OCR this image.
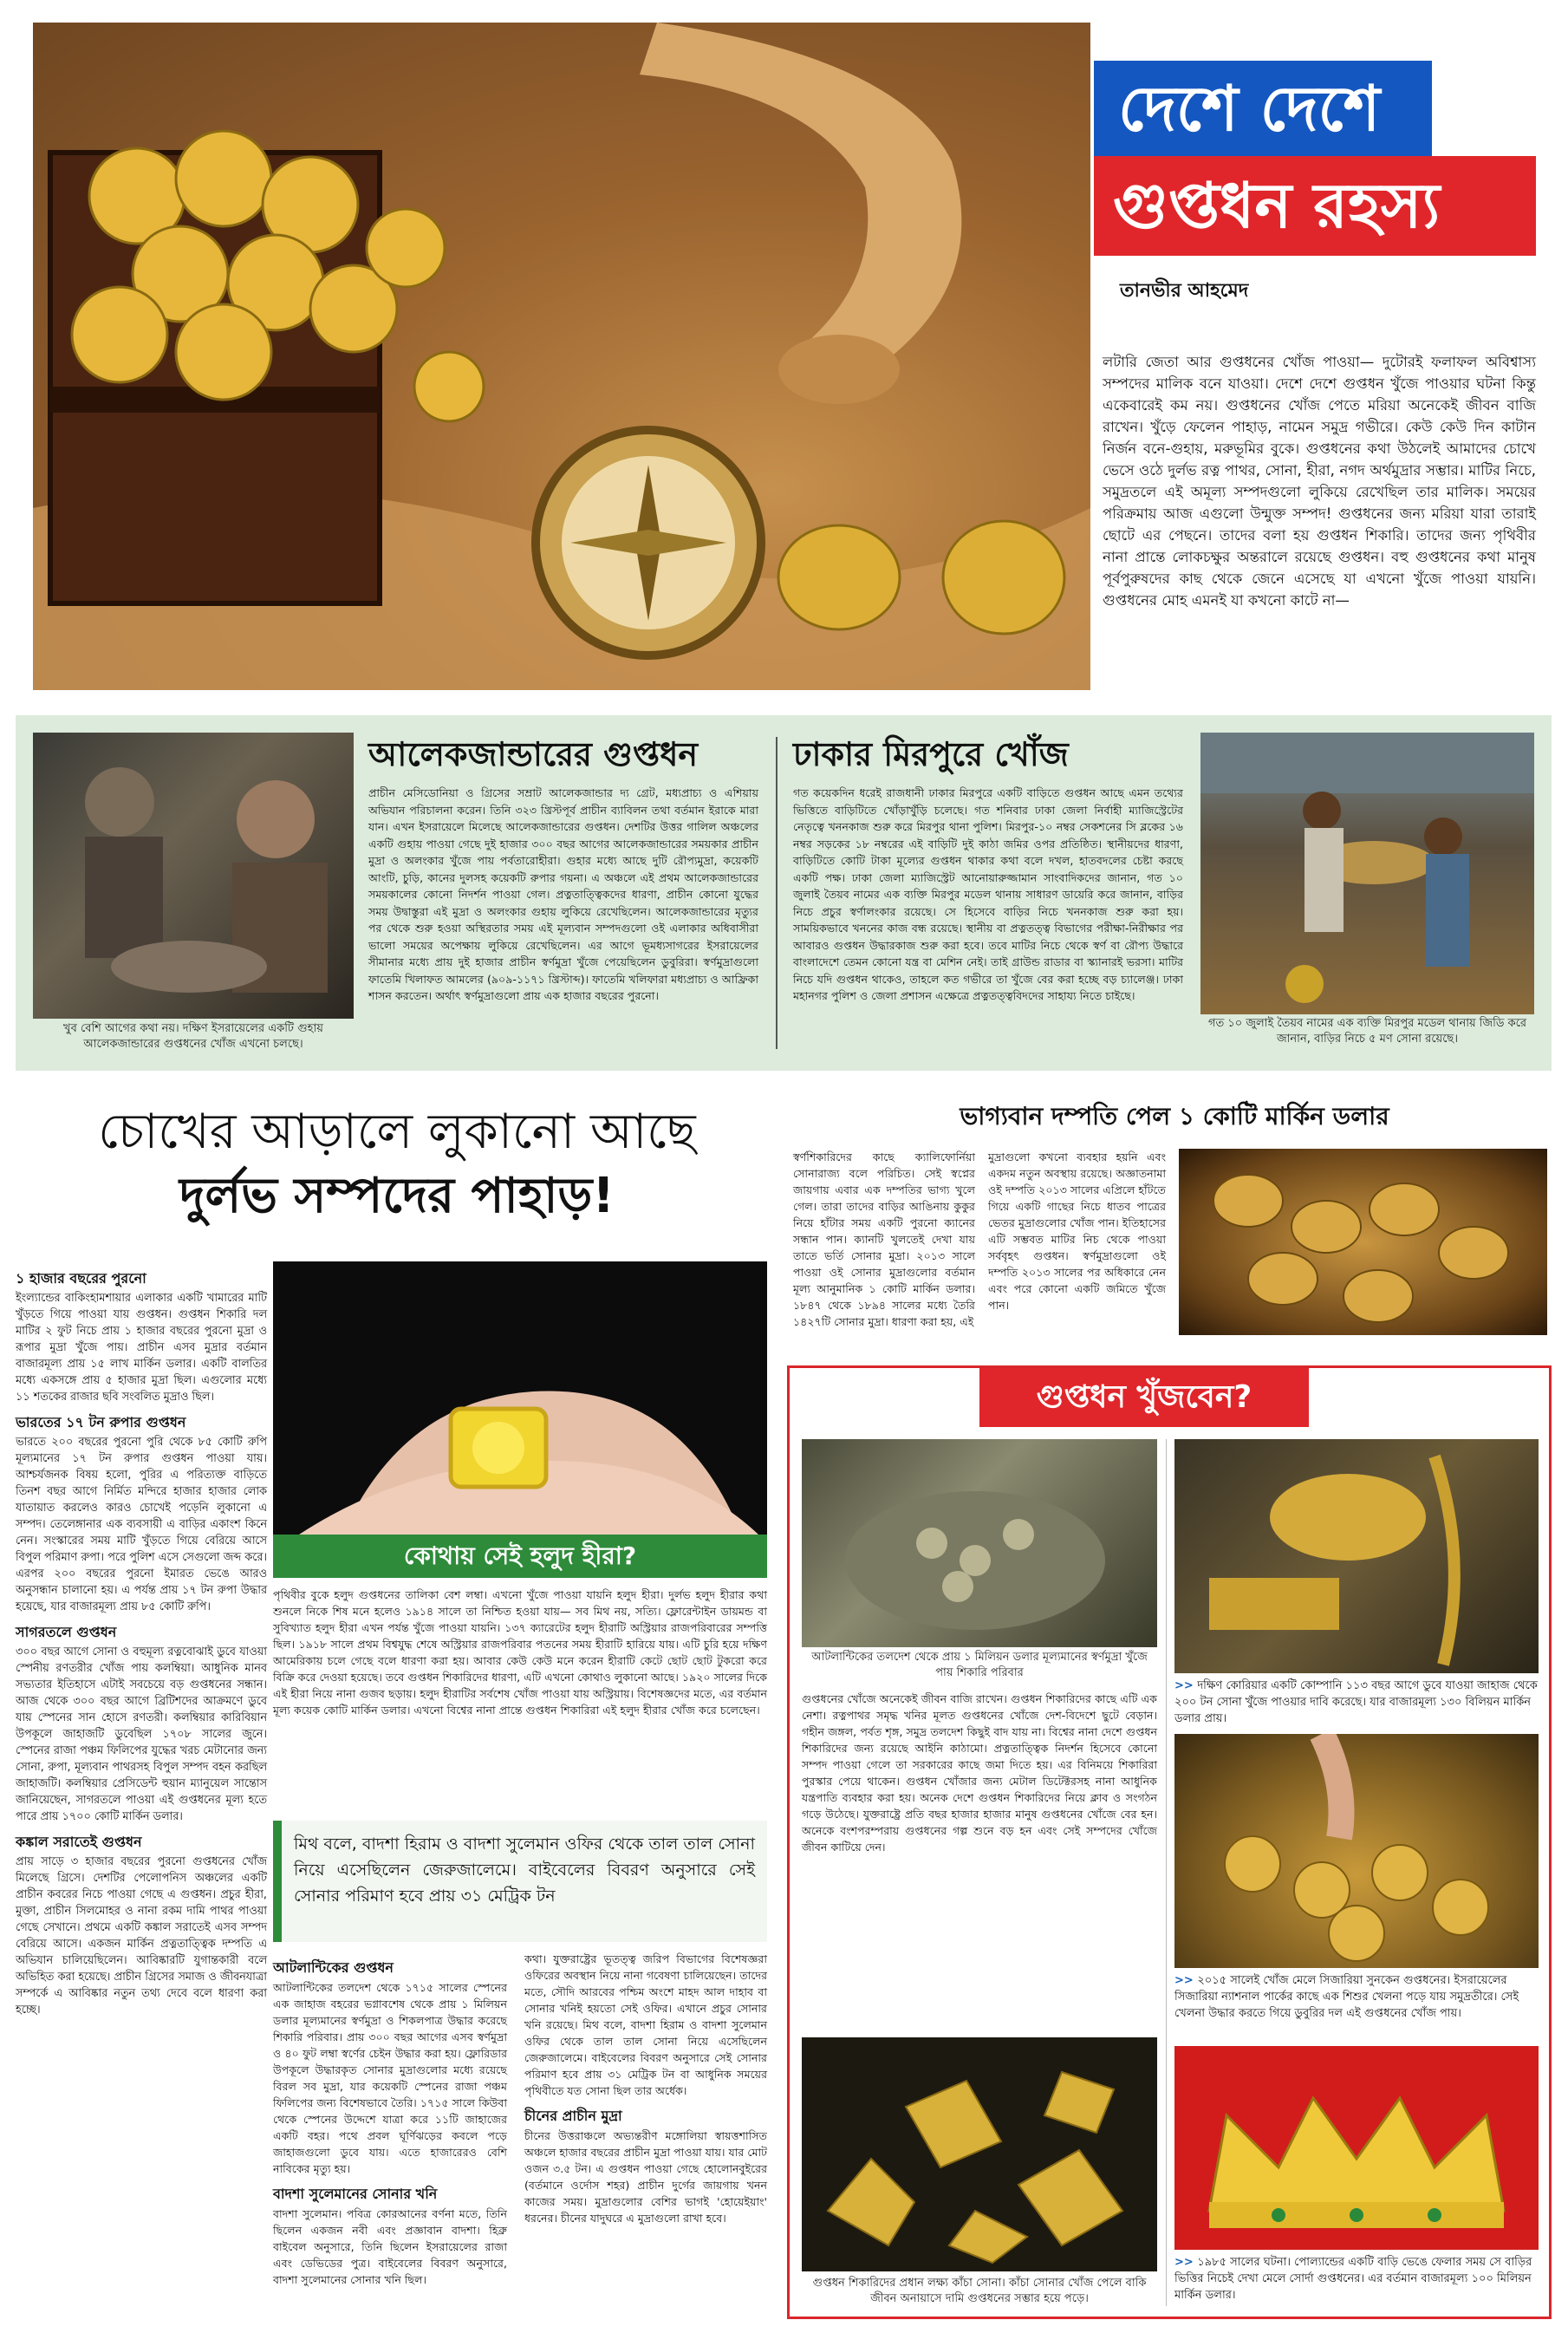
দেশে দেশে
গুপ্তধন রহস্য
তানভীর আহমেদ
লটারি জেতা আর গুপ্তধনের খোঁজ পাওয়া— দুটোরই ফলাফল অবিশ্বাস্য সম্পদের মালিক বনে যাওয়া। দেশে দেশে গুপ্তধন খুঁজে পাওয়ার ঘটনা কিন্তু একেবারেই কম নয়। গুপ্তধনের খোঁজ পেতে মরিয়া অনেকেই জীবন বাজি রাখেন। খুঁড়ে ফেলেন পাহাড়, নামেন সমুদ্র গভীরে। কেউ কেউ দিন কাটান নির্জন বনে-গুহায়, মরুভূমির বুকে। গুপ্তধনের কথা উঠলেই আমাদের চোখে ভেসে ওঠে দুর্লভ রত্ন পাথর, সোনা, হীরা, নগদ অর্থমুদ্রার সম্ভার। মাটির নিচে, সমুদ্রতলে এই অমূল্য সম্পদগুলো লুকিয়ে রেখেছিল তার মালিক। সময়ের পরিক্রমায় আজ এগুলো উন্মুক্ত সম্পদ! গুপ্তধনের জন্য মরিয়া যারা তারাই ছোটে এর পেছনে। তাদের বলা হয় গুপ্তধন শিকারি। তাদের জন্য পৃথিবীর নানা প্রান্তে লোকচক্ষুর অন্তরালে রয়েছে গুপ্তধন। বহু গুপ্তধনের কথা মানুষ পূর্বপুরুষদের কাছ থেকে জেনে এসেছে যা এখনো খুঁজে পাওয়া যায়নি। গুপ্তধনের মোহ এমনই যা কখনো কাটে না—
খুব বেশি আগের কথা নয়। দক্ষিণ ইসরায়েলের একটি গুহায় আলেকজান্ডারের গুপ্তধনের খোঁজ এখনো চলছে।
আলেকজান্ডারের গুপ্তধন
প্রাচীন মেসিডোনিয়া ও গ্রিসের সম্রাট আলেকজান্ডার দ্য গ্রেট, মধ্যপ্রাচ্য ও এশিয়ায় অভিযান পরিচালনা করেন। তিনি ৩২৩ খ্রিস্টপূর্ব প্রাচীন ব্যাবিলন তথা বর্তমান ইরাকে মারা যান। এখন ইসরায়েলে মিলেছে আলেকজান্ডারের গুপ্তধন। দেশটির উত্তর গালিল অঞ্চলের একটি গুহায় পাওয়া গেছে দুই হাজার ৩০০ বছর আগের আলেকজান্ডারের সময়কার প্রাচীন মুদ্রা ও অলংকার খুঁজে পায় পর্বতারোহীরা। গুহার মধ্যে আছে দুটি রৌপ্যমুদ্রা, কয়েকটি আংটি, চুড়ি, কানের দুলসহ কয়েকটি রুপার গয়না। এ অঞ্চলে এই প্রথম আলেকজান্ডারের সময়কালের কোনো নিদর্শন পাওয়া গেল। প্রত্নতাত্ত্বিকদের ধারণা, প্রাচীন কোনো যুদ্ধের সময় উদ্বাস্তুরা এই মুদ্রা ও অলংকার গুহায় লুকিয়ে রেখেছিলেন। আলেকজান্ডারের মৃত্যুর পর থেকে শুরু হওয়া অস্থিরতার সময় এই মূল্যবান সম্পদগুলো ওই এলাকার অধিবাসীরা ভালো সময়ের অপেক্ষায় লুকিয়ে রেখেছিলেন। এর আগে ভূমধ্যসাগরের ইসরায়েলের সীমানার মধ্যে প্রায় দুই হাজার প্রাচীন স্বর্ণমুদ্রা খুঁজে পেয়েছিলেন ডুবুরিরা। স্বর্ণমুদ্রাগুলো ফাতেমি খিলাফত আমলের (৯০৯-১১৭১ খ্রিস্টাব্দ)। ফাতেমি খলিফারা মধ্যপ্রাচ্য ও আফ্রিকা শাসন করতেন। অর্থাৎ স্বর্ণমুদ্রাগুলো প্রায় এক হাজার বছরের পুরনো।
ঢাকার মিরপুরে খোঁজ
গত কয়েকদিন ধরেই রাজধানী ঢাকার মিরপুরে একটি বাড়িতে গুপ্তধন আছে এমন তথ্যের ভিত্তিতে বাড়িটিতে খোঁড়াখুঁড়ি চলেছে। গত শনিবার ঢাকা জেলা নির্বাহী ম্যাজিস্ট্রেটের নেতৃত্বে খননকাজ শুরু করে মিরপুর থানা পুলিশ। মিরপুর-১০ নম্বর সেকশনের সি ব্লকের ১৬ নম্বর সড়কের ১৮ নম্বরের এই বাড়িটি দুই কাঠা জমির ওপর প্রতিষ্ঠিত। স্থানীয়দের ধারণা, বাড়িটিতে কোটি টাকা মূল্যের গুপ্তধন থাকার কথা বলে দখল, হাতবদলের চেষ্টা করছে একটি পক্ষ। ঢাকা জেলা ম্যাজিস্ট্রেট আনোয়ারুজ্জামান সাংবাদিকদের জানান, গত ১০ জুলাই তৈয়ব নামের এক ব্যক্তি মিরপুর মডেল থানায় সাধারণ ডায়েরি করে জানান, বাড়ির নিচে প্রচুর স্বর্ণালংকার রয়েছে। সে হিসেবে বাড়ির নিচে খননকাজ শুরু করা হয়। সাময়িকভাবে খননের কাজ বন্ধ রয়েছে। স্থানীয় বা প্রত্নতত্ত্ব বিভাগের পরীক্ষা-নিরীক্ষার পর আবারও গুপ্তধন উদ্ধারকাজ শুরু করা হবে। তবে মাটির নিচে থেকে স্বর্ণ বা রৌপ্য উদ্ধারে বাংলাদেশে তেমন কোনো যন্ত্র বা মেশিন নেই। তাই গ্রাউন্ড রাডার বা স্ক্যানারই ভরসা। মাটির নিচে যদি গুপ্তধন থাকেও, তাহলে কত গভীরে তা খুঁজে বের করা হচ্ছে বড় চ্যালেঞ্জ। ঢাকা মহানগর পুলিশ ও জেলা প্রশাসন এক্ষেত্রে প্রত্নতত্ত্ববিদদের সাহায্য নিতে চাইছে।
গত ১০ জুলাই তৈয়ব নামের এক ব্যক্তি মিরপুর মডেল থানায় জিডি করে জানান, বাড়ির নিচে ৫ মণ সোনা রয়েছে।
চোখের আড়ালে লুকানো আছে
দুর্লভ সম্পদের পাহাড়!
১ হাজার বছরের পুরনো
ইংল্যান্ডের বাকিংহামশায়ার এলাকার একটি খামারের মাটি খুঁড়তে গিয়ে পাওয়া যায় গুপ্তধন। গুপ্তধন শিকারি দল মাটির ২ ফুট নিচে প্রায় ১ হাজার বছরের পুরনো মুদ্রা ও রূপার মুদ্রা খুঁজে পায়। প্রাচীন এসব মুদ্রার বর্তমান বাজারমূল্য প্রায় ১৫ লাখ মার্কিন ডলার। একটি বালতির মধ্যে একসঙ্গে প্রায় ৫ হাজার মুদ্রা ছিল। এগুলোর মধ্যে ১১ শতকের রাজার ছবি সংবলিত মুদ্রাও ছিল।
ভারতের ১৭ টন রুপার গুপ্তধন
ভারতে ২০০ বছরের পুরনো পুরি থেকে ৮৫ কোটি রুপি মূল্যমানের ১৭ টন রুপার গুপ্তধন পাওয়া যায়। আশ্চর্যজনক বিষয় হলো, পুরির এ পরিত্যক্ত বাড়িতে তিনশ বছর আগে নির্মিত মন্দিরে হাজার হাজার লোক যাতায়াত করলেও কারও চোখেই পড়েনি লুকানো এ সম্পদ। তেলেঙ্গানার এক ব্যবসায়ী এ বাড়ির একাংশ কিনে নেন। সংস্কারের সময় মাটি খুঁড়তে গিয়ে বেরিয়ে আসে বিপুল পরিমাণ রুপা। পরে পুলিশ এসে সেগুলো জব্দ করে। এরপর ২০০ বছরের পুরনো ইমারত ভেঙে আরও অনুসন্ধান চালানো হয়। এ পর্যন্ত প্রায় ১৭ টন রুপা উদ্ধার হয়েছে, যার বাজারমূল্য প্রায় ৮৫ কোটি রুপি।
সাগরতলে গুপ্তধন
৩০০ বছর আগে সোনা ও বহুমূল্য রত্নবোঝাই ডুবে যাওয়া স্পেনীয় রণতরীর খোঁজ পায় কলম্বিয়া। আধুনিক মানব সভ্যতার ইতিহাসে এটাই সবচেয়ে বড় গুপ্তধনের সন্ধান। আজ থেকে ৩০০ বছর আগে ব্রিটিশদের আক্রমণে ডুবে যায় স্পেনের সান হোসে রণতরী। কলম্বিয়ার কারিবিয়ান উপকূলে জাহাজটি ডুবেছিল ১৭০৮ সালের জুনে। স্পেনের রাজা পঞ্চম ফিলিপের যুদ্ধের খরচ মেটানোর জন্য সোনা, রুপা, মূল্যবান পাথরসহ বিপুল সম্পদ বহন করছিল জাহাজটি। কলম্বিয়ার প্রেসিডেন্ট হুয়ান ম্যানুয়েল সান্তোস জানিয়েছেন, সাগরতলে পাওয়া এই গুপ্তধনের মূল্য হতে পারে প্রায় ১৭০০ কোটি মার্কিন ডলার।
কঙ্কাল সরাতেই গুপ্তধন
প্রায় সাড়ে ৩ হাজার বছরের পুরনো গুপ্তধনের খোঁজ মিলেছে গ্রিসে। দেশটির পেলোপনিস অঞ্চলের একটি প্রাচীন কবরের নিচে পাওয়া গেছে এ গুপ্তধন। প্রচুর হীরা, মুক্তা, প্রাচীন সিলমোহর ও নানা রকম দামি পাথর পাওয়া গেছে সেখানে। প্রথমে একটি কঙ্কাল সরাতেই এসব সম্পদ বেরিয়ে আসে। একজন মার্কিন প্রত্নতাত্ত্বিক দম্পতি এ অভিযান চালিয়েছিলেন। আবিষ্কারটি যুগান্তকারী বলে অভিহিত করা হয়েছে। প্রাচীন গ্রিসের সমাজ ও জীবনযাত্রা সম্পর্কে এ আবিষ্কার নতুন তথ্য দেবে বলে ধারণা করা হচ্ছে।
কোথায় সেই হলুদ হীরা?
পৃথিবীর বুকে হলুদ গুপ্তধনের তালিকা বেশ লম্বা। এখনো খুঁজে পাওয়া যায়নি হলুদ হীরা। দুর্লভ হলুদ হীরার কথা শুনলে নিকে শিষ মনে হলেও ১৯১৪ সালে তা নিশ্চিত হওয়া যায়— সব মিথ নয়, সত্যি। ফ্লোরেন্টাইন ডায়মন্ড বা সুবিখ্যাত হলুদ হীরা এখন পর্যন্ত খুঁজে পাওয়া যায়নি। ১৩৭ ক্যারেটের হলুদ হীরাটি অস্ট্রিয়ার রাজপরিবারের সম্পত্তি ছিল। ১৯১৮ সালে প্রথম বিশ্বযুদ্ধ শেষে অস্ট্রিয়ার রাজপরিবার পতনের সময় হীরাটি হারিয়ে যায়। এটি চুরি হয়ে দক্ষিণ আমেরিকায় চলে গেছে বলে ধারণা করা হয়। আবার কেউ কেউ মনে করেন হীরাটি কেটে ছোট ছোট টুকরো করে বিক্রি করে দেওয়া হয়েছে। তবে গুপ্তধন শিকারিদের ধারণা, এটি এখনো কোথাও লুকানো আছে। ১৯২০ সালের দিকে এই হীরা নিয়ে নানা গুজব ছড়ায়। হলুদ হীরাটির সর্বশেষ খোঁজ পাওয়া যায় অস্ট্রিয়ায়। বিশেষজ্ঞদের মতে, এর বর্তমান মূল্য কয়েক কোটি মার্কিন ডলার। এখনো বিশ্বের নানা প্রান্তে গুপ্তধন শিকারিরা এই হলুদ হীরার খোঁজ করে চলেছেন।
মিথ বলে, বাদশা হিরাম ও বাদশা সুলেমান ওফির থেকে তাল তাল সোনা নিয়ে এসেছিলেন জেরুজালেমে। বাইবেলের বিবরণ অনুসারে সেই সোনার পরিমাণ হবে প্রায় ৩১ মেট্রিক টন
আটলান্টিকের গুপ্তধন
আটলান্টিকের তলদেশ থেকে ১৭১৫ সালের স্পেনের এক জাহাজ বহরের ভগ্নাবশেষ থেকে প্রায় ১ মিলিয়ন ডলার মূল্যমানের স্বর্ণমুদ্রা ও শিকলপাত্র উদ্ধার করেছে শিকারি পরিবার। প্রায় ৩০০ বছর আগের এসব স্বর্ণমুদ্রা ও ৪০ ফুট লম্বা স্বর্ণের চেইন উদ্ধার করা হয়। ফ্লোরিডার উপকূলে উদ্ধারকৃত সোনার মুদ্রাগুলোর মধ্যে রয়েছে বিরল সব মুদ্রা, যার কয়েকটি স্পেনের রাজা পঞ্চম ফিলিপের জন্য বিশেষভাবে তৈরি। ১৭১৫ সালে কিউবা থেকে স্পেনের উদ্দেশে যাত্রা করে ১১টি জাহাজের একটি বহর। পথে প্রবল ঘূর্ণিঝড়ের কবলে পড়ে জাহাজগুলো ডুবে যায়। এতে হাজারেরও বেশি নাবিকের মৃত্যু হয়।
বাদশা সুলেমানের সোনার খনি
বাদশা সুলেমান। পবিত্র কোরআনের বর্ণনা মতে, তিনি ছিলেন একজন নবী এবং প্রজ্ঞাবান বাদশা। হিব্রু বাইবেল অনুসারে, তিনি ছিলেন ইসরায়েলের রাজা এবং ডেভিডের পুত্র। বাইবেলের বিবরণ অনুসারে, বাদশা সুলেমানের সোনার খনি ছিল।
কথা। যুক্তরাষ্ট্রের ভূতত্ত্ব জরিপ বিভাগের বিশেষজ্ঞরা ওফিরের অবস্থান নিয়ে নানা গবেষণা চালিয়েছেন। তাদের মতে, সৌদি আরবের পশ্চিম অংশে মাহদ আল দাহাব বা সোনার খনিই হয়তো সেই ওফির। এখানে প্রচুর সোনার খনি রয়েছে। মিথ বলে, বাদশা হিরাম ও বাদশা সুলেমান ওফির থেকে তাল তাল সোনা নিয়ে এসেছিলেন জেরুজালেমে। বাইবেলের বিবরণ অনুসারে সেই সোনার পরিমাণ হবে প্রায় ৩১ মেট্রিক টন বা আধুনিক সময়ের পৃথিবীতে যত সোনা ছিল তার অর্ধেক।
চীনের প্রাচীন মুদ্রা
চীনের উত্তরাঞ্চলে অভ্যন্তরীণ মঙ্গোলিয়া স্বায়ত্তশাসিত অঞ্চলে হাজার বছরের প্রাচীন মুদ্রা পাওয়া যায়। যার মোট ওজন ৩.৫ টন। এ গুপ্তধন পাওয়া গেছে হোলোনবুইরের (বর্তমানে ওর্দোস শহর) প্রাচীন দুর্গের জায়গায় খনন কাজের সময়। মুদ্রাগুলোর বেশির ভাগই 'হোয়েইয়াং' ধরনের। চীনের যাদুঘরে এ মুদ্রাগুলো রাখা হবে।
ভাগ্যবান দম্পতি পেল ১ কোটি মার্কিন ডলার
স্বর্ণশিকারিদের কাছে ক্যালিফোর্নিয়া সোনারাজ্য বলে পরিচিত। সেই স্বপ্নের জায়গায় এবার এক দম্পতির ভাগ্য খুলে গেল। তারা তাদের বাড়ির আঙিনায় কুকুর নিয়ে হাঁটার সময় একটি পুরনো ক্যানের সন্ধান পান। ক্যানটি খুলতেই দেখা যায় তাতে ভর্তি সোনার মুদ্রা। ২০১৩ সালে পাওয়া ওই সোনার মুদ্রাগুলোর বর্তমান মূল্য আনুমানিক ১ কোটি মার্কিন ডলার। ১৮৪৭ থেকে ১৮৯৪ সালের মধ্যে তৈরি ১৪২৭টি সোনার মুদ্রা। ধারণা করা হয়, এই
মুদ্রাগুলো কখনো ব্যবহার হয়নি এবং একদম নতুন অবস্থায় রয়েছে। অজ্ঞাতনামা ওই দম্পতি ২০১৩ সালের এপ্রিলে হাঁটতে গিয়ে একটি গাছের নিচে ধাতব পাত্রের ভেতর মুদ্রাগুলোর খোঁজ পান। ইতিহাসের এটি সম্ভবত মাটির নিচ থেকে পাওয়া সর্ববৃহৎ গুপ্তধন। স্বর্ণমুদ্রাগুলো ওই দম্পতি ২০১৩ সালের পর অধিকারে নেন এবং পরে কোনো একটি জমিতে খুঁজে পান।
গুপ্তধন খুঁজবেন?
আটলান্টিকের তলদেশ থেকে প্রায় ১ মিলিয়ন ডলার মূল্যমানের স্বর্ণমুদ্রা খুঁজে পায় শিকারি পরিবার
গুপ্তধনের খোঁজে অনেকেই জীবন বাজি রাখেন। গুপ্তধন শিকারিদের কাছে এটি এক নেশা। রত্নপাথর সমৃদ্ধ খনির মূলত গুপ্তধনের খোঁজে দেশ-বিদেশে ছুটে বেড়ান। গহীন জঙ্গল, পর্বত শৃঙ্গ, সমুদ্র তলদেশ কিছুই বাদ যায় না। বিশ্বের নানা দেশে গুপ্তধন শিকারিদের জন্য রয়েছে আইনি কাঠামো। প্রত্নতাত্ত্বিক নিদর্শন হিসেবে কোনো সম্পদ পাওয়া গেলে তা সরকারের কাছে জমা দিতে হয়। এর বিনিময়ে শিকারিরা পুরস্কার পেয়ে থাকেন। গুপ্তধন খোঁজার জন্য মেটাল ডিটেক্টরসহ নানা আধুনিক যন্ত্রপাতি ব্যবহার করা হয়। অনেক দেশে গুপ্তধন শিকারিদের নিয়ে ক্লাব ও সংগঠন গড়ে উঠেছে। যুক্তরাষ্ট্রে প্রতি বছর হাজার হাজার মানুষ গুপ্তধনের খোঁজে বের হন। অনেকে বংশপরম্পরায় গুপ্তধনের গল্প শুনে বড় হন এবং সেই সম্পদের খোঁজে জীবন কাটিয়ে দেন।
গুপ্তধন শিকারিদের প্রধান লক্ষ্য কাঁচা সোনা। কাঁচা সোনার খোঁজ পেলে বাকি জীবন অনায়াসে দামি গুপ্তধনের সম্ভার হয়ে পড়ে।
>> দক্ষিণ কোরিয়ার একটি কোম্পানি ১১৩ বছর আগে ডুবে যাওয়া জাহাজ থেকে ২০০ টন সোনা খুঁজে পাওয়ার দাবি করেছে। যার বাজারমূল্য ১৩০ বিলিয়ন মার্কিন ডলার প্রায়।
>> ২০১৫ সালেই খোঁজ মেলে সিজারিয়া সুনকেন গুপ্তধনের। ইসরায়েলের সিজারিয়া ন্যাশনাল পার্কের কাছে এক শিশুর খেলনা পড়ে যায় সমুদ্রতীরে। সেই খেলনা উদ্ধার করতে গিয়ে ডুবুরির দল এই গুপ্তধনের খোঁজ পায়।
>> ১৯৮৫ সালের ঘটনা। পোল্যান্ডের একটি বাড়ি ভেঙে ফেলার সময় সে বাড়ির ভিত্তির নিচেই দেখা মেলে সোর্দা গুপ্তধনের। এর বর্তমান বাজারমূল্য ১০০ মিলিয়ন মার্কিন ডলার।
